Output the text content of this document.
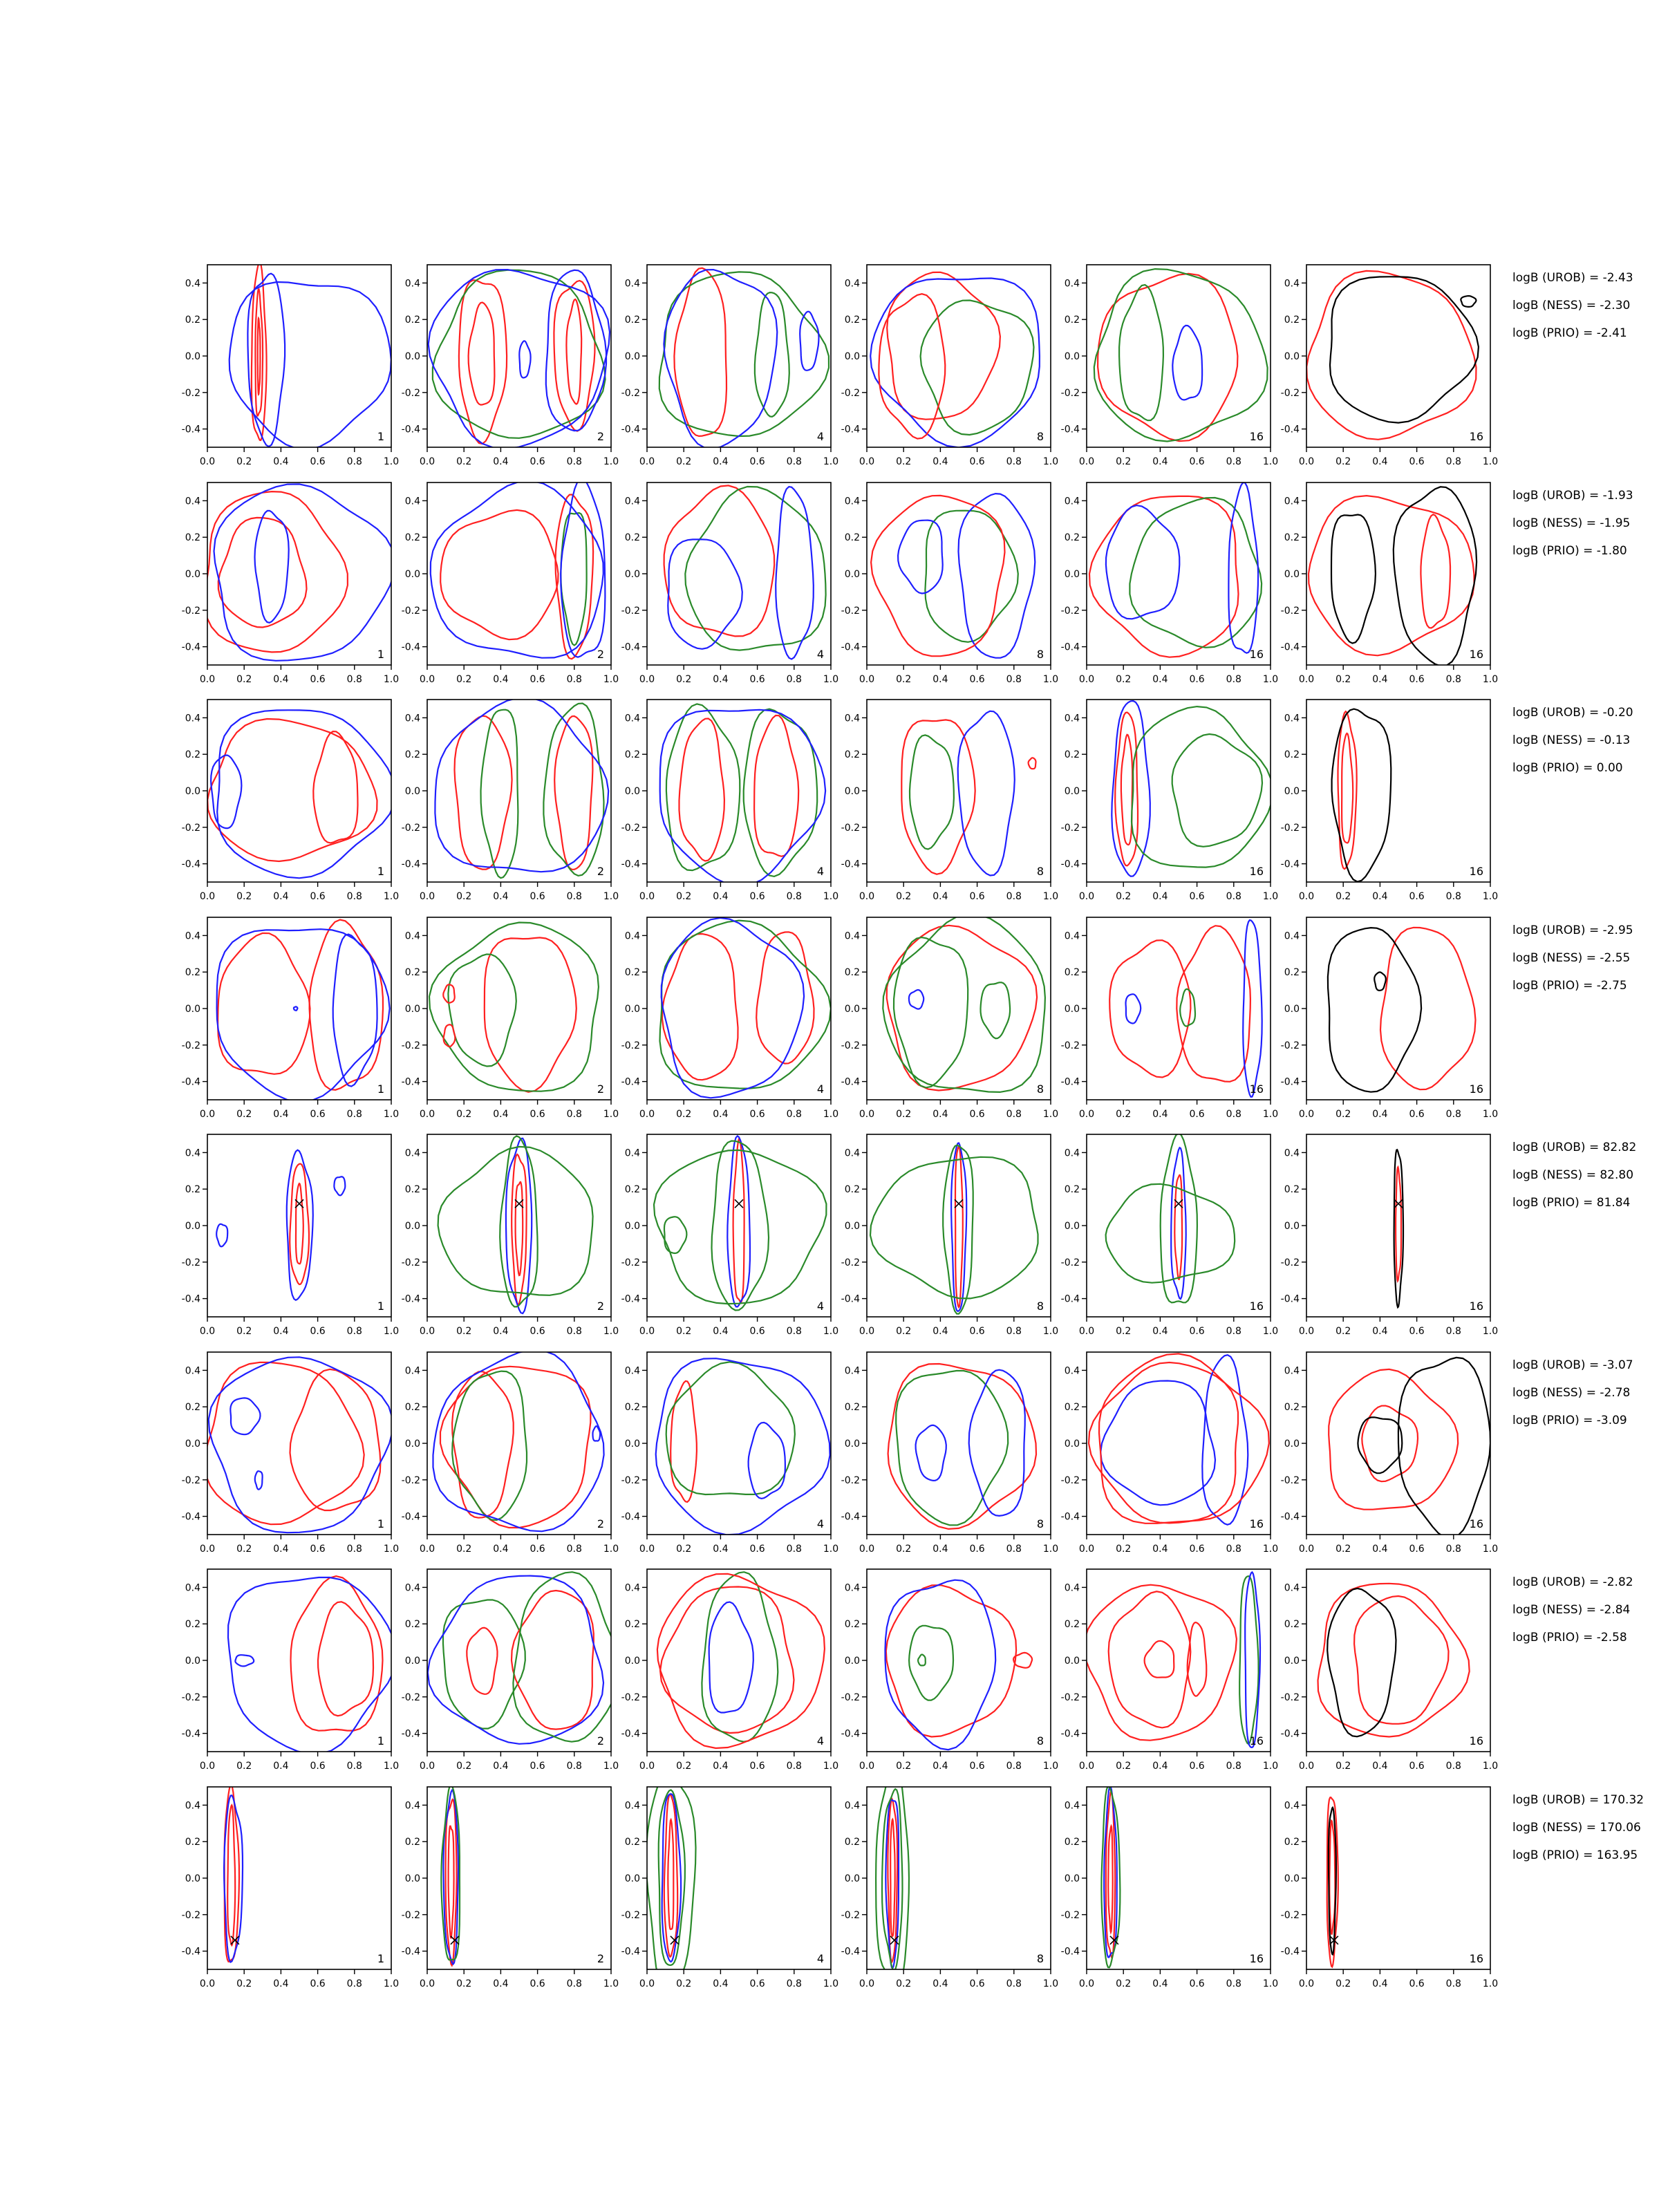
0.0 0.2 0.4 0.6 0.8 1.0
-0.4
-0.2
0.0
0.2
0.4
1
0.0 0.2 0.4 0.6 0.8 1.0
-0.4
-0.2
0.0
0.2
0.4
2
0.0 0.2 0.4 0.6 0.8 1.0
-0.4
-0.2
0.0
0.2
0.4
4
0.0 0.2 0.4 0.6 0.8 1.0
-0.4
-0.2
0.0
0.2
0.4
8
0.0 0.2 0.4 0.6 0.8 1.0
-0.4
-0.2
0.0
0.2
0.4
16
0.0 0.2 0.4 0.6 0.8 1.0
-0.4
-0.2
0.0
0.2
0.4
16
logB (UROB) = -2.43
logB (NESS) = -2.30
logB (PRIO) = -2.41
0.0 0.2 0.4 0.6 0.8 1.0
-0.4
-0.2
0.0
0.2
0.4
1
0.0 0.2 0.4 0.6 0.8 1.0
-0.4
-0.2
0.0
0.2
0.4
2
0.0 0.2 0.4 0.6 0.8 1.0
-0.4
-0.2
0.0
0.2
0.4
4
0.0 0.2 0.4 0.6 0.8 1.0
-0.4
-0.2
0.0
0.2
0.4
8
0.0 0.2 0.4 0.6 0.8 1.0
-0.4
-0.2
0.0
0.2
0.4
16
0.0 0.2 0.4 0.6 0.8 1.0
-0.4
-0.2
0.0
0.2
0.4
16
logB (UROB) = -1.93
logB (NESS) = -1.95
logB (PRIO) = -1.80
0.0 0.2 0.4 0.6 0.8 1.0
-0.4
-0.2
0.0
0.2
0.4
1
0.0 0.2 0.4 0.6 0.8 1.0
-0.4
-0.2
0.0
0.2
0.4
2
0.0 0.2 0.4 0.6 0.8 1.0
-0.4
-0.2
0.0
0.2
0.4
4
0.0 0.2 0.4 0.6 0.8 1.0
-0.4
-0.2
0.0
0.2
0.4
8
0.0 0.2 0.4 0.6 0.8 1.0
-0.4
-0.2
0.0
0.2
0.4
16
0.0 0.2 0.4 0.6 0.8 1.0
-0.4
-0.2
0.0
0.2
0.4
16
logB (UROB) = -0.20
logB (NESS) = -0.13
logB (PRIO) = 0.00
0.0 0.2 0.4 0.6 0.8 1.0
-0.4
-0.2
0.0
0.2
0.4
1
0.0 0.2 0.4 0.6 0.8 1.0
-0.4
-0.2
0.0
0.2
0.4
2
0.0 0.2 0.4 0.6 0.8 1.0
-0.4
-0.2
0.0
0.2
0.4
4
0.0 0.2 0.4 0.6 0.8 1.0
-0.4
-0.2
0.0
0.2
0.4
8
0.0 0.2 0.4 0.6 0.8 1.0
-0.4
-0.2
0.0
0.2
0.4
16
0.0 0.2 0.4 0.6 0.8 1.0
-0.4
-0.2
0.0
0.2
0.4
16
logB (UROB) = -2.95
logB (NESS) = -2.55
logB (PRIO) = -2.75
0.0 0.2 0.4 0.6 0.8 1.0
-0.4
-0.2
0.0
0.2
0.4
1
0.0 0.2 0.4 0.6 0.8 1.0
-0.4
-0.2
0.0
0.2
0.4
2
0.0 0.2 0.4 0.6 0.8 1.0
-0.4
-0.2
0.0
0.2
0.4
4
0.0 0.2 0.4 0.6 0.8 1.0
-0.4
-0.2
0.0
0.2
0.4
8
0.0 0.2 0.4 0.6 0.8 1.0
-0.4
-0.2
0.0
0.2
0.4
16
0.0 0.2 0.4 0.6 0.8 1.0
-0.4
-0.2
0.0
0.2
0.4
16
logB (UROB) = 82.82
logB (NESS) = 82.80
logB (PRIO) = 81.84
0.0 0.2 0.4 0.6 0.8 1.0
-0.4
-0.2
0.0
0.2
0.4
1
0.0 0.2 0.4 0.6 0.8 1.0
-0.4
-0.2
0.0
0.2
0.4
2
0.0 0.2 0.4 0.6 0.8 1.0
-0.4
-0.2
0.0
0.2
0.4
4
0.0 0.2 0.4 0.6 0.8 1.0
-0.4
-0.2
0.0
0.2
0.4
8
0.0 0.2 0.4 0.6 0.8 1.0
-0.4
-0.2
0.0
0.2
0.4
16
0.0 0.2 0.4 0.6 0.8 1.0
-0.4
-0.2
0.0
0.2
0.4
16
logB (UROB) = -3.07
logB (NESS) = -2.78
logB (PRIO) = -3.09
0.0 0.2 0.4 0.6 0.8 1.0
-0.4
-0.2
0.0
0.2
0.4
1
0.0 0.2 0.4 0.6 0.8 1.0
-0.4
-0.2
0.0
0.2
0.4
2
0.0 0.2 0.4 0.6 0.8 1.0
-0.4
-0.2
0.0
0.2
0.4
4
0.0 0.2 0.4 0.6 0.8 1.0
-0.4
-0.2
0.0
0.2
0.4
8
0.0 0.2 0.4 0.6 0.8 1.0
-0.4
-0.2
0.0
0.2
0.4
16
0.0 0.2 0.4 0.6 0.8 1.0
-0.4
-0.2
0.0
0.2
0.4
16
logB (UROB) = -2.82
logB (NESS) = -2.84
logB (PRIO) = -2.58
0.0 0.2 0.4 0.6 0.8 1.0
-0.4
-0.2
0.0
0.2
0.4
1
0.0 0.2 0.4 0.6 0.8 1.0
-0.4
-0.2
0.0
0.2
0.4
2
0.0 0.2 0.4 0.6 0.8 1.0
-0.4
-0.2
0.0
0.2
0.4
4
0.0 0.2 0.4 0.6 0.8 1.0
-0.4
-0.2
0.0
0.2
0.4
8
0.0 0.2 0.4 0.6 0.8 1.0
-0.4
-0.2
0.0
0.2
0.4
16
0.0 0.2 0.4 0.6 0.8 1.0
-0.4
-0.2
0.0
0.2
0.4
16
logB (UROB) = 170.32
logB (NESS) = 170.06
logB (PRIO) = 163.95
